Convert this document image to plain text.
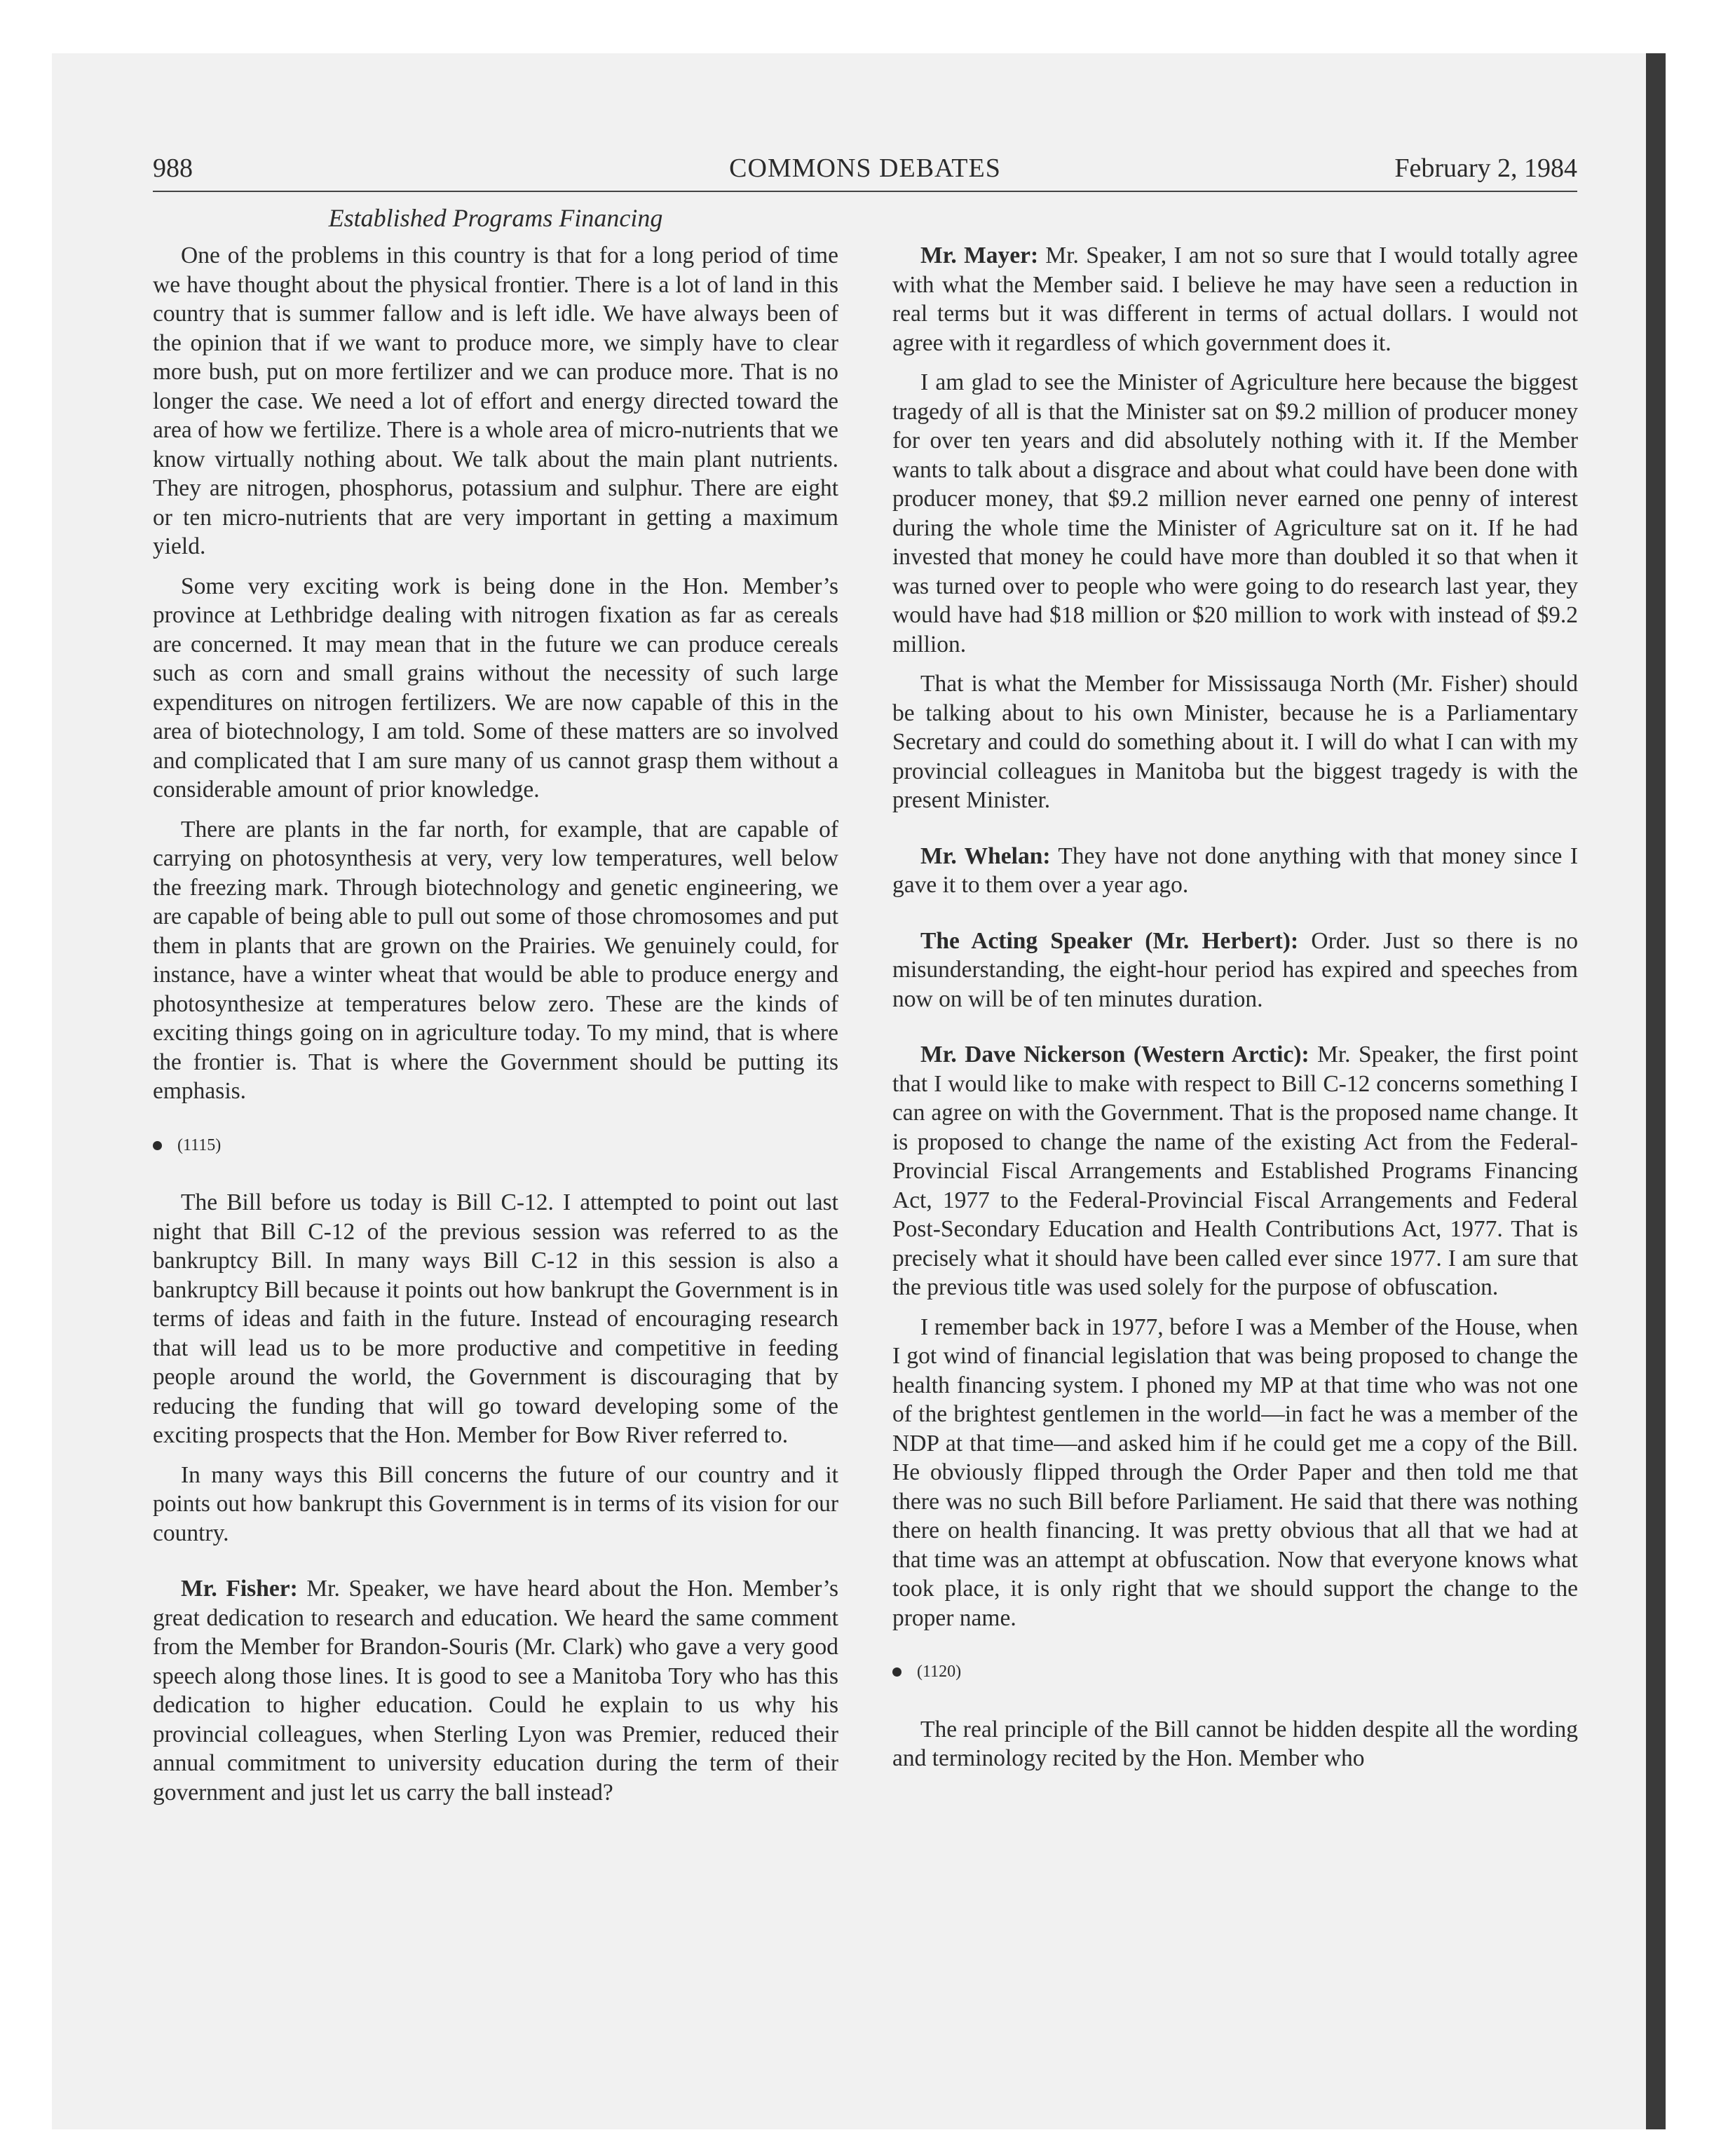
988	COMMONS DEBATES	February 2, 1984
Established Programs Financing

One of the problems in this country is that for a long period of time we have thought about the physical frontier. There is a lot of land in this country that is summer fallow and is left idle. We have always been of the opinion that if we want to produce more, we simply have to clear more bush, put on more fertilizer and we can produce more. That is no longer the case. We need a lot of effort and energy directed toward the area of how we fertilize. There is a whole area of micro-nutrients that we know virtually nothing about. We talk about the main plant nutrients. They are nitrogen, phosphorus, potassium and sulphur. There are eight or ten micro-nutrients that are very important in getting a maximum yield.

Some very exciting work is being done in the Hon. Member’s province at Lethbridge dealing with nitrogen fixation as far as cereals are concerned. It may mean that in the future we can produce cereals such as corn and small grains without the necessity of such large expenditures on nitrogen fertilizers. We are now capable of this in the area of biotechnology, I am told. Some of these matters are so involved and complicated that I am sure many of us cannot grasp them without a considerable amount of prior knowledge.

There are plants in the far north, for example, that are capable of carrying on photosynthesis at very, very low temperatures, well below the freezing mark. Through biotechnology and genetic engineering, we are capable of being able to pull out some of those chromosomes and put them in plants that are grown on the Prairies. We genuinely could, for instance, have a winter wheat that would be able to produce energy and photosynthesize at temperatures below zero. These are the kinds of exciting things going on in agriculture today. To my mind, that is where the frontier is. That is where the Government should be putting its emphasis.

(1115)

The Bill before us today is Bill C-12. I attempted to point out last night that Bill C-12 of the previous session was referred to as the bankruptcy Bill. In many ways Bill C-12 in this session is also a bankruptcy Bill because it points out how bankrupt the Government is in terms of ideas and faith in the future. Instead of encouraging research that will lead us to be more productive and competitive in feeding people around the world, the Government is discouraging that by reducing the funding that will go toward developing some of the exciting prospects that the Hon. Member for Bow River referred to.

In many ways this Bill concerns the future of our country and it points out how bankrupt this Government is in terms of its vision for our country.

Mr. Fisher: Mr. Speaker, we have heard about the Hon. Member’s great dedication to research and education. We heard the same comment from the Member for Brandon-Souris (Mr. Clark) who gave a very good speech along those lines. It is good to see a Manitoba Tory who has this dedication to higher education. Could he explain to us why his provincial colleagues, when Sterling Lyon was Premier, reduced their annual commitment to university education during the term of their government and just let us carry the ball instead?

Mr. Mayer: Mr. Speaker, I am not so sure that I would totally agree with what the Member said. I believe he may have seen a reduction in real terms but it was different in terms of actual dollars. I would not agree with it regardless of which government does it.

I am glad to see the Minister of Agriculture here because the biggest tragedy of all is that the Minister sat on $9.2 million of producer money for over ten years and did absolutely nothing with it. If the Member wants to talk about a disgrace and about what could have been done with producer money, that $9.2 million never earned one penny of interest during the whole time the Minister of Agriculture sat on it. If he had invested that money he could have more than doubled it so that when it was turned over to people who were going to do research last year, they would have had $18 million or $20 million to work with instead of $9.2 million.

That is what the Member for Mississauga North (Mr. Fisher) should be talking about to his own Minister, because he is a Parliamentary Secretary and could do something about it. I will do what I can with my provincial colleagues in Manitoba but the biggest tragedy is with the present Minister.

Mr. Whelan: They have not done anything with that money since I gave it to them over a year ago.

The Acting Speaker (Mr. Herbert): Order. Just so there is no misunderstanding, the eight-hour period has expired and speeches from now on will be of ten minutes duration.

Mr. Dave Nickerson (Western Arctic): Mr. Speaker, the first point that I would like to make with respect to Bill C-12 concerns something I can agree on with the Government. That is the proposed name change. It is proposed to change the name of the existing Act from the Federal-Provincial Fiscal Arrangements and Established Programs Financing Act, 1977 to the Federal-Provincial Fiscal Arrangements and Federal Post-Secondary Education and Health Contributions Act, 1977. That is precisely what it should have been called ever since 1977. I am sure that the previous title was used solely for the purpose of obfuscation.

I remember back in 1977, before I was a Member of the House, when I got wind of financial legislation that was being proposed to change the health financing system. I phoned my MP at that time who was not one of the brightest gentlemen in the world—in fact he was a member of the NDP at that time—and asked him if he could get me a copy of the Bill. He obviously flipped through the Order Paper and then told me that there was no such Bill before Parliament. He said that there was nothing there on health financing. It was pretty obvious that all that we had at that time was an attempt at obfuscation. Now that everyone knows what took place, it is only right that we should support the change to the proper name.

(1120)

The real principle of the Bill cannot be hidden despite all the wording and terminology recited by the Hon. Member who
